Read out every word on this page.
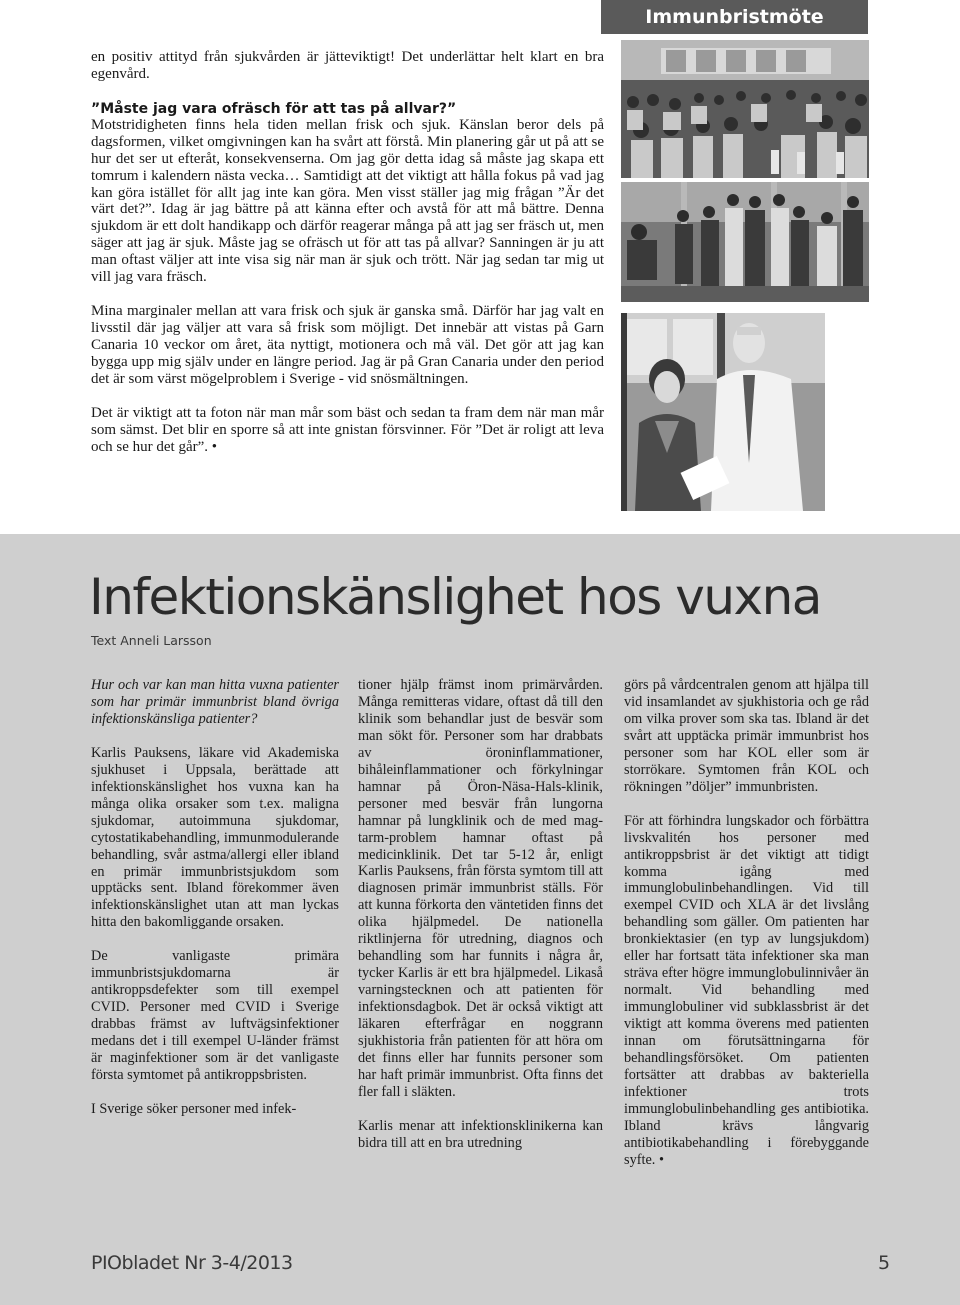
Immunbristmöte

en positiv attityd från sjukvården är jätteviktigt! Det underlättar helt klart en bra egenvård.

”Måste jag vara ofräsch för att tas på allvar?”
Motstridigheten finns hela tiden mellan frisk och sjuk. Känslan beror dels på dagsformen, vilket omgivningen kan ha svårt att förstå. Min planering går ut på att se hur det ser ut efteråt, konsekvenserna. Om jag gör detta idag så måste jag skapa ett tomrum i kalendern nästa vecka… Samtidigt att det viktigt att hålla fokus på vad jag kan göra istället för allt jag inte kan göra. Men visst ställer jag mig frågan ”Är det värt det?”. Idag är jag bättre på att känna efter och avstå för att må bättre. Denna sjukdom är ett dolt handikapp och därför reagerar många på att jag ser fräsch ut, men säger att jag är sjuk. Måste jag se ofräsch ut för att tas på allvar? Sanningen är ju att man oftast väljer att inte visa sig när man är sjuk och trött. När jag sedan tar mig ut vill jag vara fräsch.

Mina marginaler mellan att vara frisk och sjuk är ganska små. Därför har jag valt en livsstil där jag väljer att vara så frisk som möjligt. Det innebär att vistas på Garn Canaria 10 veckor om året, äta nyttigt, motionera och må väl. Det gör att jag kan bygga upp mig själv under en längre period. Jag är på Gran Canaria under den period det är som värst mögelproblem i Sverige - vid snösmältningen.

Det är viktigt att ta foton när man mår som bäst och sedan ta fram dem när man mår som sämst. Det blir en sporre så att inte gnistan försvinner. För ”Det är roligt att leva och se hur det går”. •

Infektionskänslighet hos vuxna
Text Anneli Larsson

Hur och var kan man hitta vuxna patienter som har primär immunbrist bland övriga infektionskänsliga patienter?

Karlis Pauksens, läkare vid Akademiska sjukhuset i Uppsala, berättade att infektionskänslighet hos vuxna kan ha många olika orsaker som t.ex. maligna sjukdomar, autoimmuna sjukdomar, cytostatikabehandling, immunmodulerande behandling, svår astma/allergi eller ibland en primär immunbristsjukdom som upptäcks sent. Ibland förekommer även infektionskänslighet utan att man lyckas hitta den bakomliggande orsaken.

De vanligaste primära immunbristsjukdomarna är antikroppsdefekter som till exempel CVID. Personer med CVID i Sverige drabbas främst av luftvägsinfektioner medans det i till exempel U-länder främst är maginfektioner som är det vanligaste första symtomet på antikroppsbristen.

I Sverige söker personer med infek-

tioner hjälp främst inom primärvården. Många remitteras vidare, oftast då till den klinik som behandlar just de besvär som man sökt för. Personer som har drabbats av öroninflammationer, bihåleinflammationer och förkylningar hamnar på Öron-Näsa-Hals-klinik, personer med besvär från lungorna hamnar på lungklinik och de med mag-tarm-problem hamnar oftast på medicinklinik. Det tar 5-12 år, enligt Karlis Pauksens, från första symtom till att diagnosen primär immunbrist ställs. För att kunna förkorta den väntetiden finns det olika hjälpmedel. De nationella riktlinjerna för utredning, diagnos och behandling som har funnits i några år, tycker Karlis är ett bra hjälpmedel. Likaså varningstecknen och att patienten för infektionsdagbok. Det är också viktigt att läkaren efterfrågar en noggrann sjukhistoria från patienten för att höra om det finns eller har funnits personer som har haft primär immunbrist. Ofta finns det fler fall i släkten.

Karlis menar att infektionsklinikerna kan bidra till att en bra utredning

görs på vårdcentralen genom att hjälpa till vid insamlandet av sjukhistoria och ge råd om vilka prover som ska tas. Ibland är det svårt att upptäcka primär immunbrist hos personer som har KOL eller som är storrökare. Symtomen från KOL och rökningen ”döljer” immunbristen.

För att förhindra lungskador och förbättra livskvalitén hos personer med antikroppsbrist är det viktigt att tidigt komma igång med immunglobulinbehandlingen. Vid till exempel CVID och XLA är det livslång behandling som gäller. Om patienten har bronkiektasier (en typ av lungsjukdom) eller har fortsatt täta infektioner ska man sträva efter högre immunglobulinnivåer än normalt. Vid behandling med immunglobuliner vid subklassbrist är det viktigt att komma överens med patienten innan om förutsättningarna för behandlingsförsöket. Om patienten fortsätter att drabbas av bakteriella infektioner trots immunglobulinbehandling ges antibiotika. Ibland krävs långvarig antibiotikabehandling i förebyggande syfte. •

PIObladet Nr 3-4/2013	5
